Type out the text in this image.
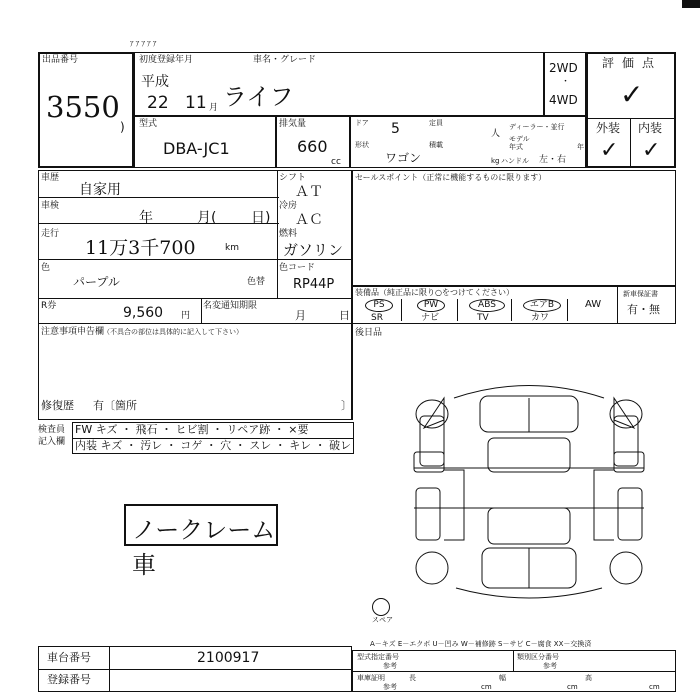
ｱ ｱ ｱ ｱ ｱ
出品番号
3550
)
初度登録年月	車名・グレード
平成
22 11 月 ライフ
2WD
・
4WD
評価点
✓
外装 内装
✓ ✓
型式
DBA-JC1
排気量
660
cc
ドア 5	定員
人
ディーラー・並行
モデル年式	年
形状
ワゴン
積載
kg ハンドル 左・右
車歴
自家用
車検
年	月( 日)
走行
11万3千700	km
シフト
ＡＴ
冷房
ＡＣ
燃料
ガソリン
色
パープル	色替
色コード
RP44P
R券	9,560 円
名変通知期限
月	日
注意事項申告欄
（不具合の部位は具体的に記入して下さい）
修復歴 有〔箇所	〕
セールスポイント（正常に機能するものに限ります）
装備品（純正品に限り○をつけてください）	新車保証書
有・無
PS	PW	ABS	エアB	AW
SR	ナビ	TV	カワ
後日品
検査員
記入欄
FW キズ ・ 飛石 ・ ヒビ割 ・ リペア跡 ・ ×要
内装 キズ ・ 汚レ ・ コゲ ・ 穴 ・ スレ ・ キレ ・ 破レ
ノークレーム車
スペア
A－キズ E－エクボ U－凹み W－補修跡 S－サビ C－腐食 XX－交換済
車台番号	2100917
登録番号
型式指定番号
参考
類別区分番号
参考
車庫証明
参考
長
cm
幅
cm
高
cm
